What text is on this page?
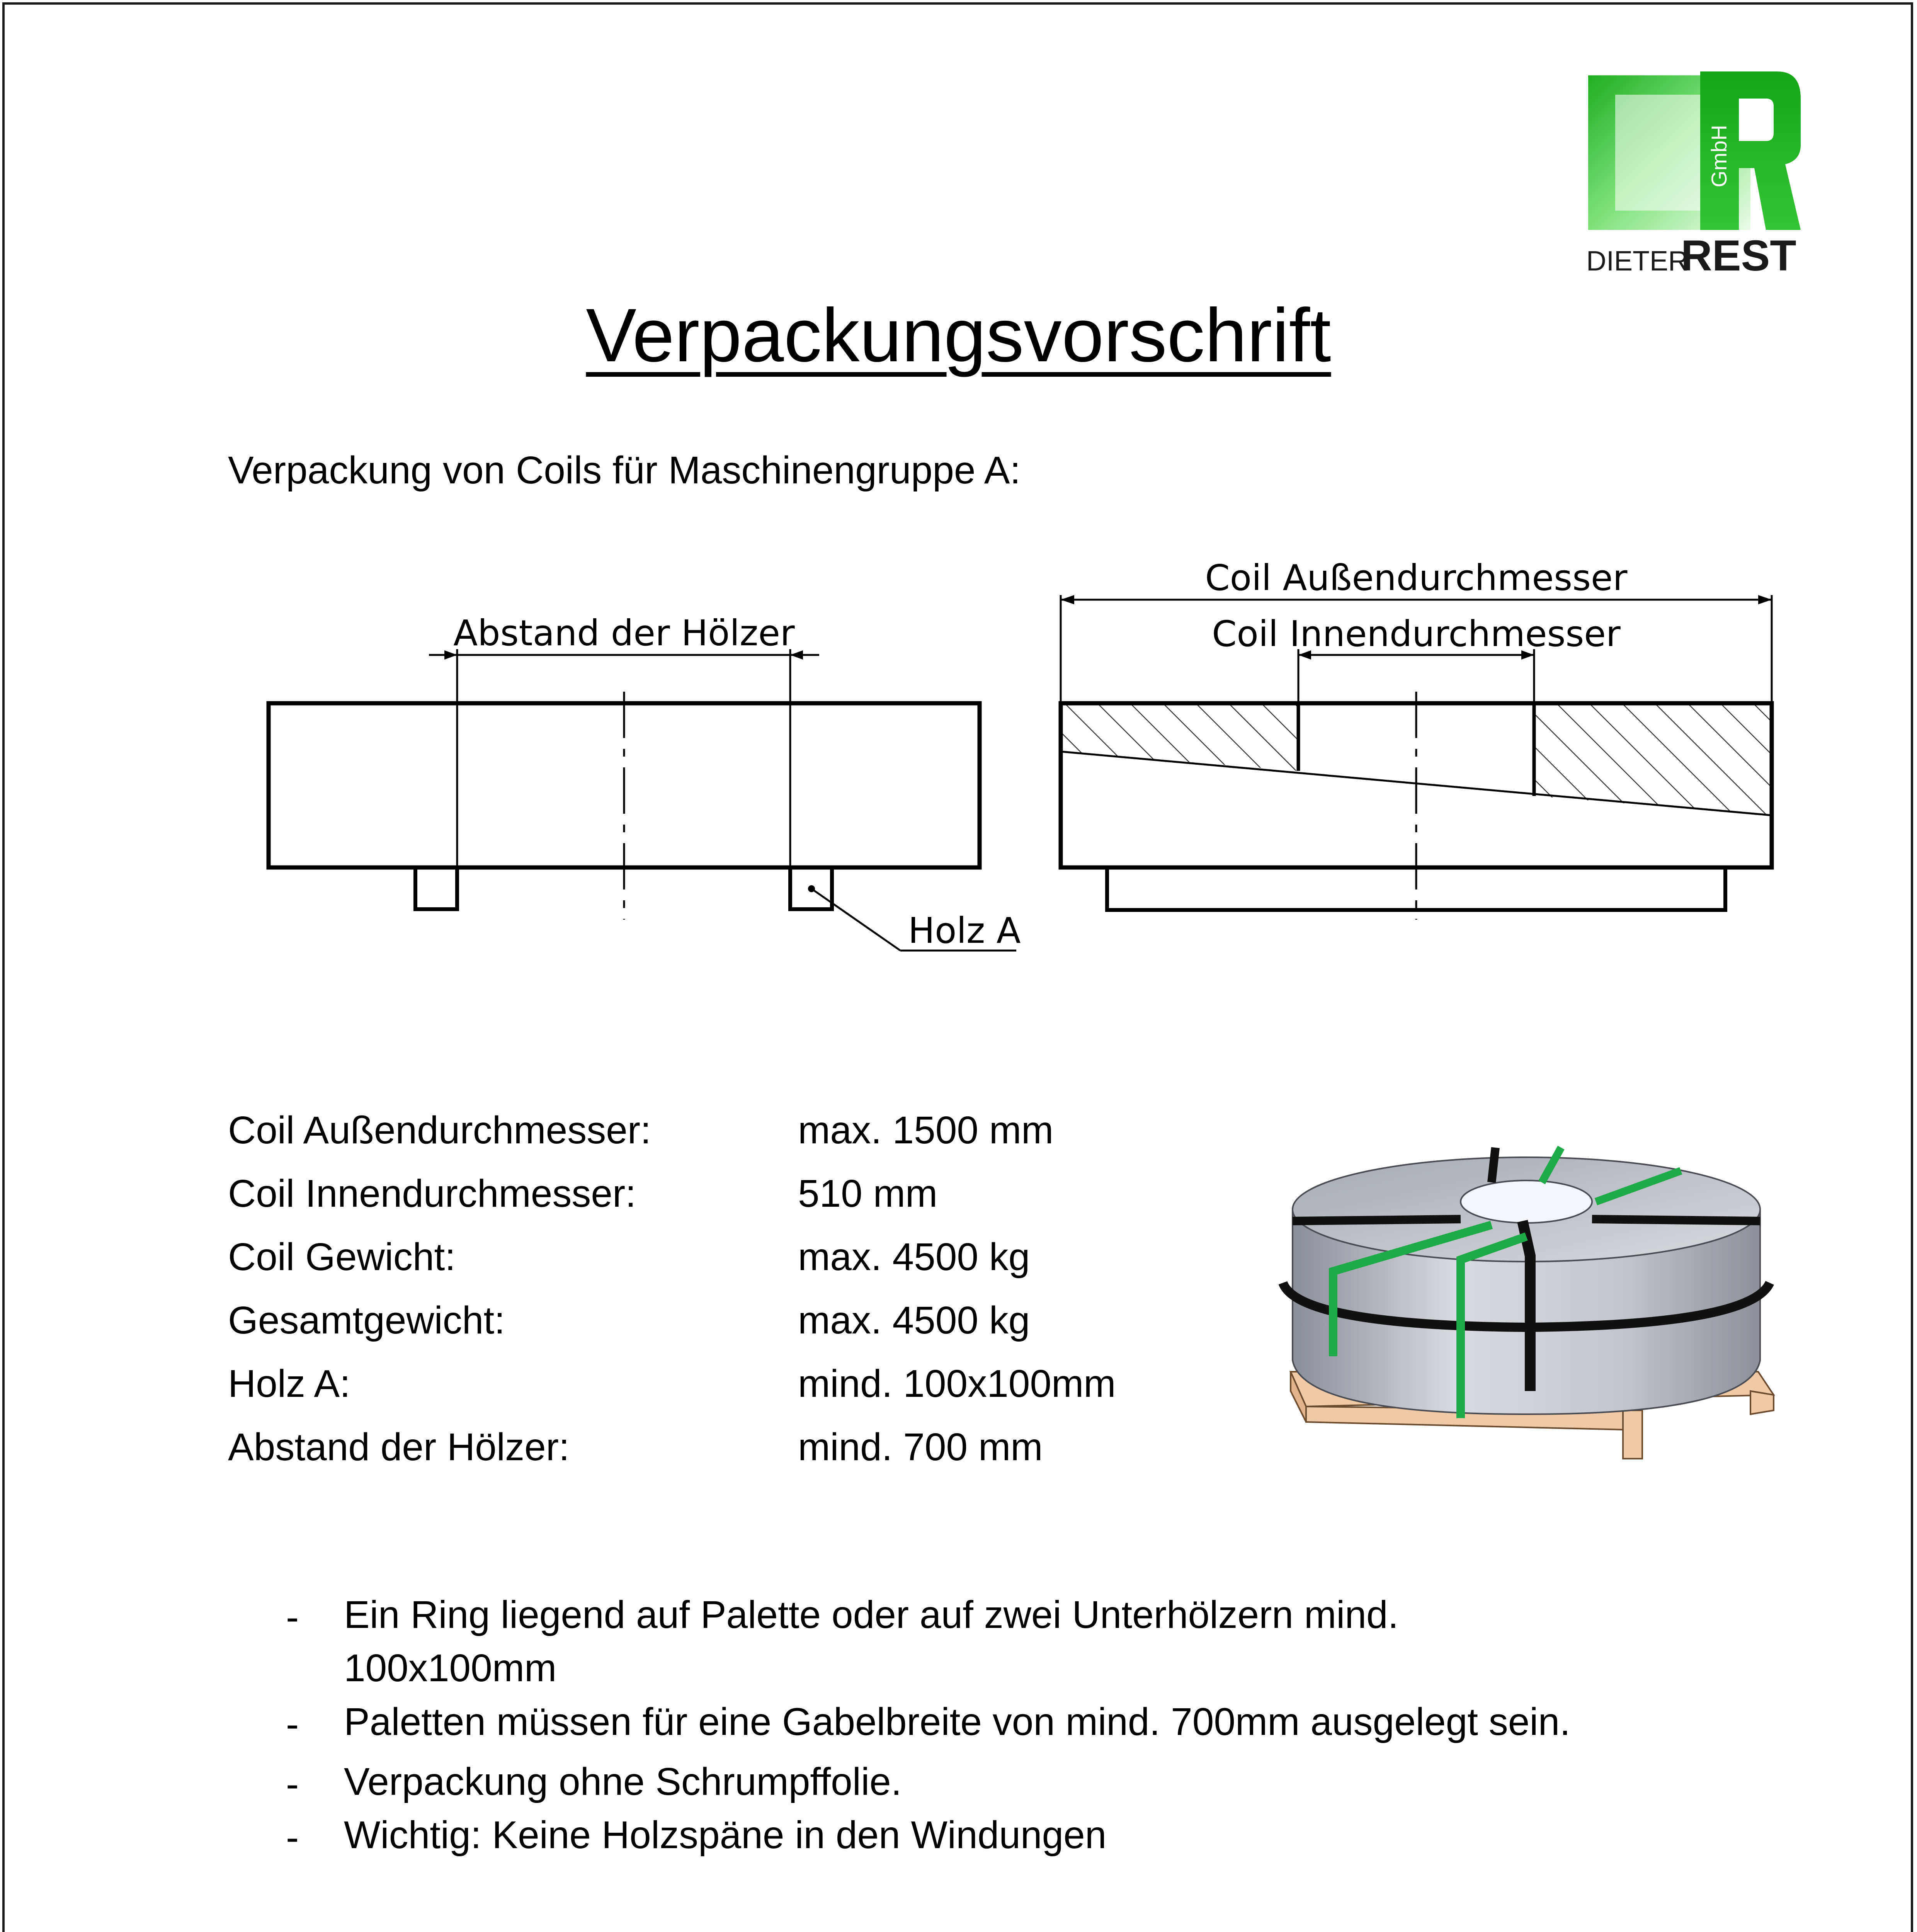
GmbH
DIETER
REST
Verpackungsvorschrift
Verpackung von Coils für Maschinengruppe A:
Abstand der Hölzer
Holz A
Coil Außendurchmesser
Coil Innendurchmesser
Coil Außendurchmesser:	max. 1500 mm
Coil Innendurchmesser:	510 mm
Coil Gewicht:	max. 4500 kg
Gesamtgewicht:	max. 4500 kg
Holz A:	mind. 100x100mm
Abstand der Hölzer:	mind. 700 mm
- Ein Ring liegend auf Palette oder auf zwei Unterhölzern mind.
100x100mm
- Paletten müssen für eine Gabelbreite von mind. 700mm ausgelegt sein.
- Verpackung ohne Schrumpffolie.
- Wichtig: Keine Holzspäne in den Windungen
